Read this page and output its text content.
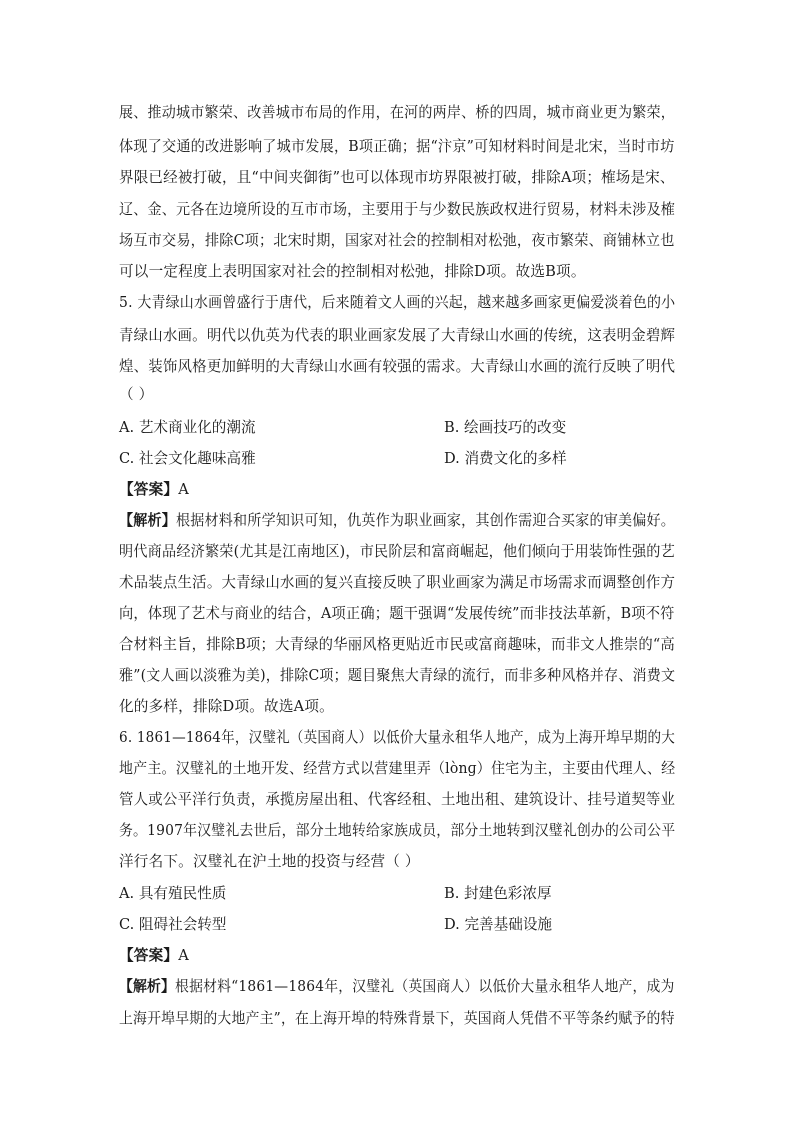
展、推动城市繁荣、改善城市布局的作用，在河的两岸、桥的四周，城市商业更为繁荣，
体现了交通的改进影响了城市发展，B项正确；据“汴京”可知材料时间是北宋，当时市坊
界限已经被打破，且“中间夹御街”也可以体现市坊界限被打破，排除A项；榷场是宋、
辽、金、元各在边境所设的互市市场，主要用于与少数民族政权进行贸易，材料未涉及榷
场互市交易，排除C项；北宋时期，国家对社会的控制相对松弛，夜市繁荣、商铺林立也
可以一定程度上表明国家对社会的控制相对松弛，排除D项。故选B项。
5. 大青绿山水画曾盛行于唐代，后来随着文人画的兴起，越来越多画家更偏爱淡着色的小
青绿山水画。明代以仇英为代表的职业画家发展了大青绿山水画的传统，这表明金碧辉
煌、装饰风格更加鲜明的大青绿山水画有较强的需求。大青绿山水画的流行反映了明代
（ ）
A. 艺术商业化的潮流	B. 绘画技巧的改变
C. 社会文化趣味高雅	D. 消费文化的多样
【答案】A
【解析】根据材料和所学知识可知，仇英作为职业画家，其创作需迎合买家的审美偏好。
明代商品经济繁荣(尤其是江南地区)，市民阶层和富商崛起，他们倾向于用装饰性强的艺
术品装点生活。大青绿山水画的复兴直接反映了职业画家为满足市场需求而调整创作方
向，体现了艺术与商业的结合，A项正确；题干强调“发展传统”而非技法革新，B项不符
合材料主旨，排除B项；大青绿的华丽风格更贴近市民或富商趣味，而非文人推崇的“高
雅”(文人画以淡雅为美)，排除C项；题目聚焦大青绿的流行，而非多种风格并存、消费文
化的多样，排除D项。故选A项。
6. 1861—1864年，汉璧礼（英国商人）以低价大量永租华人地产，成为上海开埠早期的大
地产主。汉璧礼的土地开发、经营方式以营建里弄（lònɡ）住宅为主，主要由代理人、经
管人或公平洋行负责，承揽房屋出租、代客经租、土地出租、建筑设计、挂号道契等业
务。1907年汉璧礼去世后，部分土地转给家族成员，部分土地转到汉璧礼创办的公司公平
洋行名下。汉璧礼在沪土地的投资与经营（ ）
A. 具有殖民性质	B. 封建色彩浓厚
C. 阻碍社会转型	D. 完善基础设施
【答案】A
【解析】根据材料“1861—1864年，汉璧礼（英国商人）以低价大量永租华人地产，成为
上海开埠早期的大地产主”，在上海开埠的特殊背景下，英国商人凭借不平等条约赋予的特
